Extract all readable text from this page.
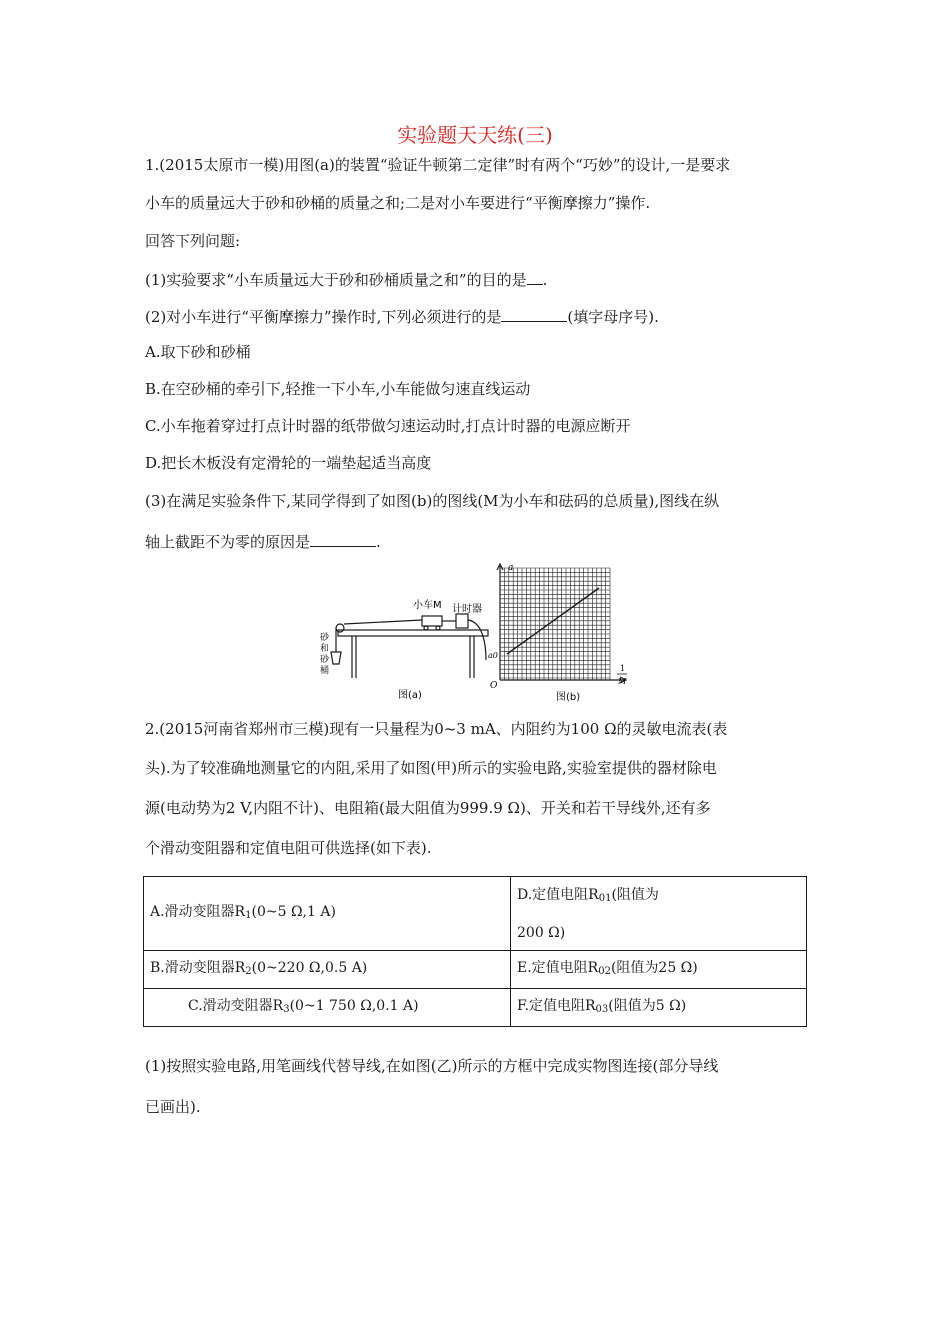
实验题天天练(三)
1.(2015太原市一模)用图(a)的装置“验证牛顿第二定律”时有两个“巧妙”的设计,一是要求
小车的质量远大于砂和砂桶的质量之和;二是对小车要进行“平衡摩擦力”操作.
回答下列问题:
(1)实验要求“小车质量远大于砂和砂桶质量之和”的目的是 .
(2)对小车进行“平衡摩擦力”操作时,下列必须进行的是	(填字母序号).
A.取下砂和砂桶
B.在空砂桶的牵引下,轻推一下小车,小车能做匀速直线运动
C.小车拖着穿过打点计时器的纸带做匀速运动时,打点计时器的电源应断开
D.把长木板没有定滑轮的一端垫起适当高度
(3)在满足实验条件下,某同学得到了如图(b)的图线(M为小车和砝码的总质量),图线在纵
轴上截距不为零的原因是	.
小车M 计时器
砂
和
砂
桶
图(a)
a
a0
O
1
M
图(b)
2.(2015河南省郑州市三模)现有一只量程为0~3 mA、内阻约为100 Ω的灵敏电流表(表
头).为了较准确地测量它的内阻,采用了如图(甲)所示的实验电路,实验室提供的器材除电
源(电动势为2 V,内阻不计)、电阻箱(最大阻值为999.9 Ω)、开关和若干导线外,还有多
个滑动变阻器和定值电阻可供选择(如下表).
A.滑动变阻器$R_1(0\sim 5$ Ω,1 A)	D.定值电阻$R_{01}$(阻值为
200 Ω)

B.滑动变阻器$R_2(0\sim 220$ Ω,0.5 A)	E.定值电阻$R_{02}$(阻值为25 Ω)
C.滑动变阻器$R_3(0\sim 1$ 750 Ω,0.1 A)	F.定值电阻$R_{03}$(阻值为5 Ω)
(1)按照实验电路,用笔画线代替导线,在如图(乙)所示的方框中完成实物图连接(部分导线
已画出).
